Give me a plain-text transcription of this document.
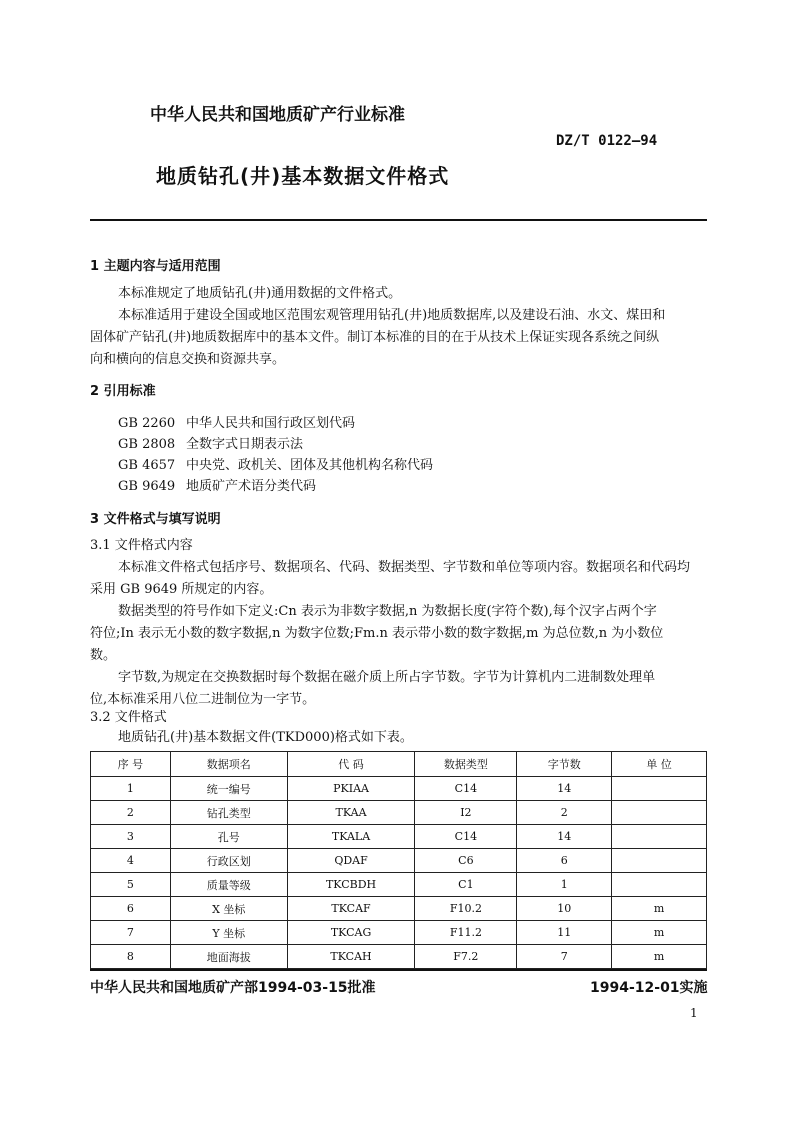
中华人民共和国地质矿产行业标准
DZ/T 0122—94
地质钻孔(井)基本数据文件格式
1 主题内容与适用范围
本标准规定了地质钻孔(井)通用数据的文件格式。
本标准适用于建设全国或地区范围宏观管理用钻孔(井)地质数据库,以及建设石油、水文、煤田和
固体矿产钻孔(井)地质数据库中的基本文件。制订本标准的目的在于从技术上保证实现各系统之间纵
向和横向的信息交换和资源共享。
2 引用标准
GB 2260 中华人民共和国行政区划代码
GB 2808 全数字式日期表示法
GB 4657 中央党、政机关、团体及其他机构名称代码
GB 9649 地质矿产术语分类代码
3 文件格式与填写说明
3.1 文件格式内容
本标准文件格式包括序号、数据项名、代码、数据类型、字节数和单位等项内容。数据项名和代码均
采用 GB 9649 所规定的内容。
数据类型的符号作如下定义:Cn 表示为非数字数据,n 为数据长度(字符个数),每个汉字占两个字
符位;In 表示无小数的数字数据,n 为数字位数;Fm.n 表示带小数的数字数据,m 为总位数,n 为小数位
数。
字节数,为规定在交换数据时每个数据在磁介质上所占字节数。字节为计算机内二进制数处理单
位,本标准采用八位二进制位为一字节。
3.2 文件格式
地质钻孔(井)基本数据文件(TKD000)格式如下表。
序 号	数据项名	代 码	数据类型	字节数	单 位
1	统一编号	PKIAA	C14	14	
2	钻孔类型	TKAA	I2	2	
3	孔号	TKALA	C14	14	
4	行政区划	QDAF	C6	6	
5	质量等级	TKCBDH	C1	1	
6	X 坐标	TKCAF	F10.2	10	m
7	Y 坐标	TKCAG	F11.2	11	m
8	地面海拔	TKCAH	F7.2	7	m
中华人民共和国地质矿产部1994-03-15批准	1994-12-01实施
1
